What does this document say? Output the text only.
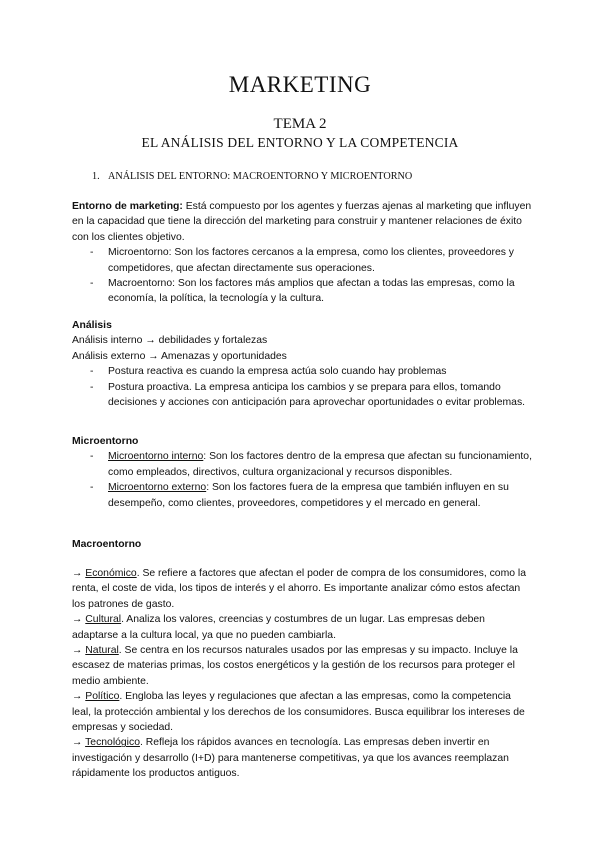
MARKETING
TEMA 2
EL ANÁLISIS DEL ENTORNO Y LA COMPETENCIA
1. ANÁLISIS DEL ENTORNO: MACROENTORNO Y MICROENTORNO

Entorno de marketing: Está compuesto por los agentes y fuerzas ajenas al marketing que influyen en la capacidad que tiene la dirección del marketing para construir y mantener relaciones de éxito con los clientes objetivo.

- Microentorno: Son los factores cercanos a la empresa, como los clientes, proveedores y competidores, que afectan directamente sus operaciones.
- Macroentorno: Son los factores más amplios que afectan a todas las empresas, como la economía, la política, la tecnología y la cultura.

Análisis

Análisis interno → debilidades y fortalezas

Análisis externo → Amenazas y oportunidades

- Postura reactiva es cuando la empresa actúa solo cuando hay problemas
- Postura proactiva. La empresa anticipa los cambios y se prepara para ellos, tomando decisiones y acciones con anticipación para aprovechar oportunidades o evitar problemas.

Microentorno

- Microentorno interno: Son los factores dentro de la empresa que afectan su funcionamiento, como empleados, directivos, cultura organizacional y recursos disponibles.
- Microentorno externo: Son los factores fuera de la empresa que también influyen en su desempeño, como clientes, proveedores, competidores y el mercado en general.

Macroentorno

→ Económico. Se refiere a factores que afectan el poder de compra de los consumidores, como la renta, el coste de vida, los tipos de interés y el ahorro. Es importante analizar cómo estos afectan los patrones de gasto.

→ Cultural. Analiza los valores, creencias y costumbres de un lugar. Las empresas deben adaptarse a la cultura local, ya que no pueden cambiarla.

→ Natural. Se centra en los recursos naturales usados por las empresas y su impacto. Incluye la escasez de materias primas, los costos energéticos y la gestión de los recursos para proteger el medio ambiente.

→ Político. Engloba las leyes y regulaciones que afectan a las empresas, como la competencia leal, la protección ambiental y los derechos de los consumidores. Busca equilibrar los intereses de empresas y sociedad.

→ Tecnológico. Refleja los rápidos avances en tecnología. Las empresas deben invertir en investigación y desarrollo (I+D) para mantenerse competitivas, ya que los avances reemplazan rápidamente los productos antiguos.
